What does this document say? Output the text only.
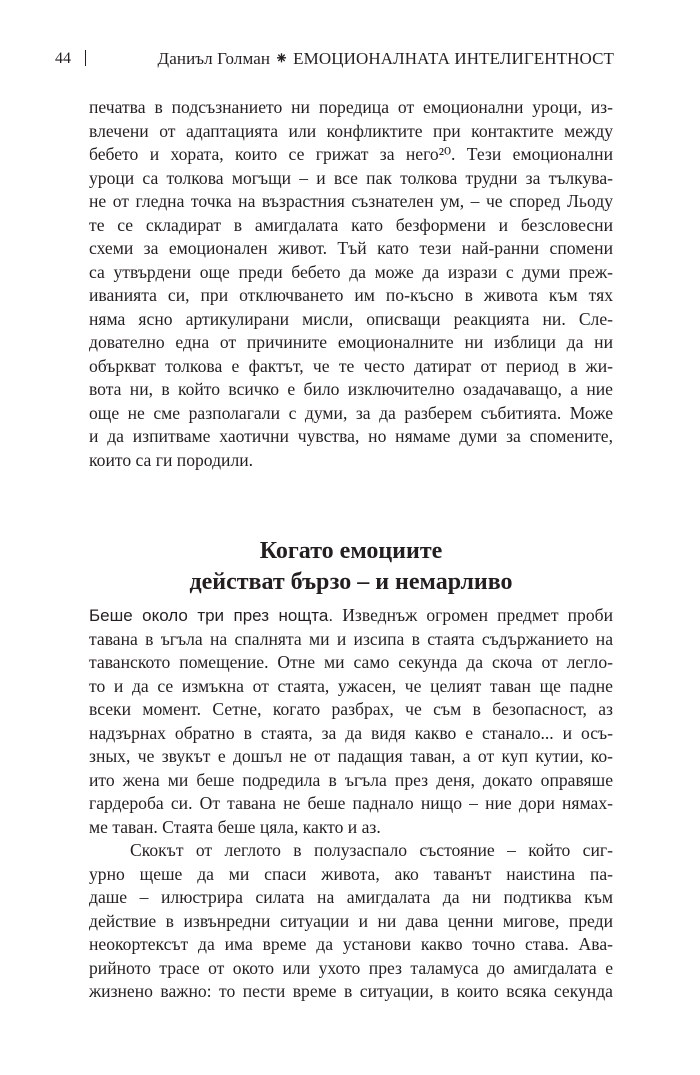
44	Даниъл Голман ⁕ ЕМОЦИОНАЛНАТА ИНТЕЛИГЕНТНОСТ
печатва в подсъзнанието ни поредица от емоционални уроци, из-
влечени от адаптацията или конфликтите при контактите между
бебето и хората, които се грижат за него²⁰. Тези емоционални
уроци са толкова могъщи – и все пак толкова трудни за тълкува-
не от гледна точка на възрастния съзнателен ум, – че според Льоду
те се складират в амигдалата като безформени и безсловесни
схеми за емоционален живот. Тъй като тези най-ранни спомени
са утвърдени още преди бебето да може да изрази с думи преж-
иванията си, при отключването им по-късно в живота към тях
няма ясно артикулирани мисли, описващи реакцията ни. Сле-
дователно една от причините емоционалните ни изблици да ни
объркват толкова е фактът, че те често датират от период в жи-
вота ни, в който всичко е било изключително озадачаващо, а ние
още не сме разполагали с думи, за да разберем събитията. Може
и да изпитваме хаотични чувства, но нямаме думи за спомените,
които са ги породили.
Когато емоциите
действат бързо – и немарливо
Беше около три през нощта. Изведнъж огромен предмет проби
тавана в ъгъла на спалнята ми и изсипа в стаята съдържанието на
таванското помещение. Отне ми само секунда да скоча от легло-
то и да се измъкна от стаята, ужасен, че целият таван ще падне
всеки момент. Сетне, когато разбрах, че съм в безопасност, аз
надзърнах обратно в стаята, за да видя какво е станало... и осъ-
зных, че звукът е дошъл не от падащия таван, а от куп кутии, ко-
ито жена ми беше подредила в ъгъла през деня, докато оправяше
гардероба си. От тавана не беше паднало нищо – ние дори нямах-
ме таван. Стаята беше цяла, както и аз.
Скокът от леглото в полузаспало състояние – който сиг-
урно щеше да ми спаси живота, ако таванът наистина па-
даше – илюстрира силата на амигдалата да ни подтиква към
действие в извънредни ситуации и ни дава ценни мигове, преди
неокортексът да има време да установи какво точно става. Ава-
рийното трасе от окото или ухото през таламуса до амигдалата е
жизнено важно: то пести време в ситуации, в които всяка секунда
